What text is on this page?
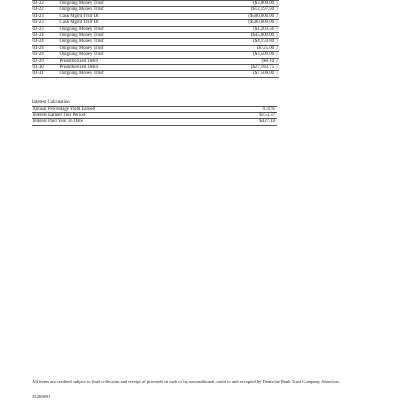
03-22	Outgoing Money Trnsf	($3,800.00	)
03-22	Outgoing Money Trnsf	($12,197.50	)
03-23	Cash Mgmt Trsfr Dr	($500,000.00	)
03-23	Cash Mgmt Trsfr Dr	($500,000.00	)
03-23	Outgoing Money Trnsf	($1,203.56	)
03-24	Outgoing Money Trnsf	($45,000.00	)
03-24	Outgoing Money Trnsf	($4,159.80	)
03-24	Outgoing Money Trnsf	($725.00	)
03-24	Outgoing Money Trnsf	($3,500.00	)
03-29	Preauthorized Debit	($0.10	)
03-30	Preauthorized Debit	($27,183.75	)
03-31	Outgoing Money Trnsf	($7,500.00	)
Interest Calculation
Annual Percentage Yield Earned	0.31%
Interest Earned This Period	$153.37
Interest Paid Year To Date	$427.18
All items are credited subject to final collection and receipt of proceeds in cash or by unconditional credit to and accepted by Deutsche Bank Trust Company Americas.
35269691
